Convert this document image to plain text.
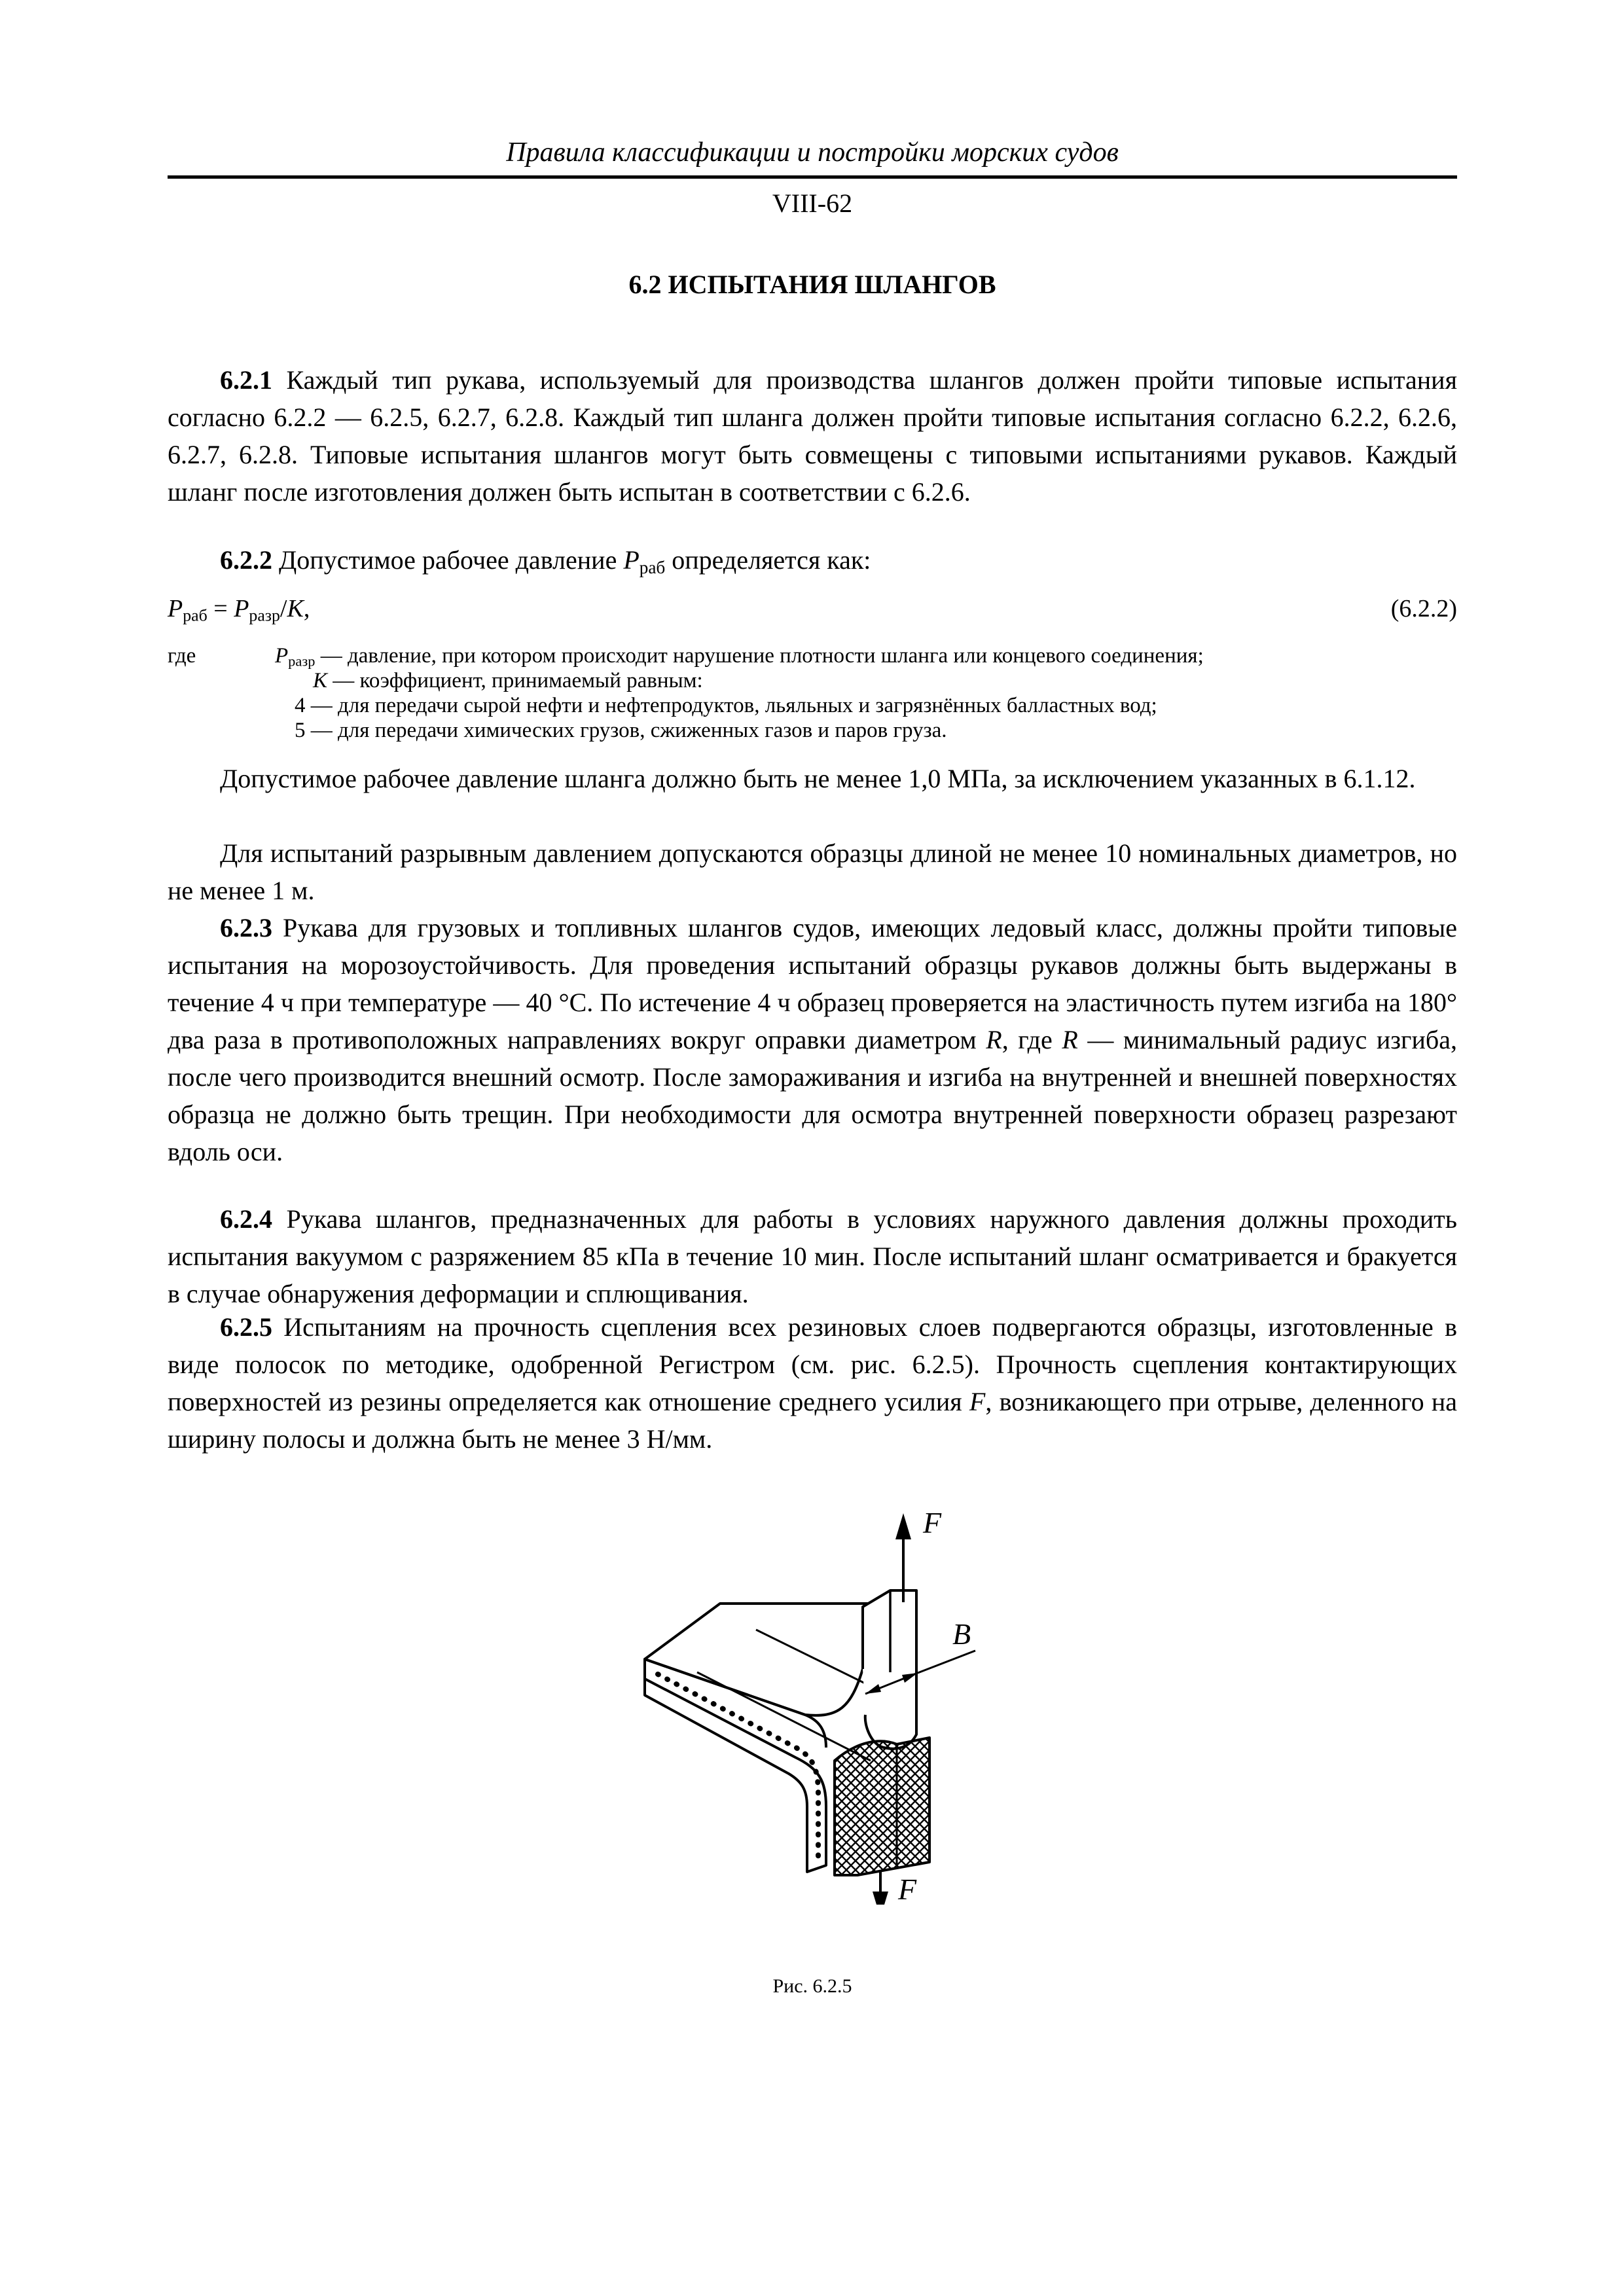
Правила классификации и постройки морских судов
VIII-62
6.2 ИСПЫТАНИЯ ШЛАНГОВ

6.2.1 Каждый тип рукава, используемый для производства шлангов должен пройти типовые испытания согласно 6.2.2 — 6.2.5, 6.2.7, 6.2.8. Каждый тип шланга должен пройти типовые испытания согласно 6.2.2, 6.2.6, 6.2.7, 6.2.8. Типовые испытания шлангов могут быть совмещены с типовыми испытаниями рукавов. Каждый шланг после изготовления должен быть испытан в соответствии с 6.2.6.

6.2.2 Допустимое рабочее давление $P_{раб}$ определяется как:

$P_{раб} = P_{разр}/K$,	(6.2.2)
где	$P_{разр}$ — давление, при котором происходит нарушение плотности шланга или концевого соединения;
K — коэффициент, принимаемый равным:
4 — для передачи сырой нефти и нефтепродуктов, льяльных и загрязнённых балластных вод;
5 — для передачи химических грузов, сжиженных газов и паров груза.

Допустимое рабочее давление шланга должно быть не менее 1,0 МПа, за исключением указанных в 6.1.12.

Для испытаний разрывным давлением допускаются образцы длиной не менее 10 номинальных диаметров, но не менее 1 м.

6.2.3 Рукава для грузовых и топливных шлангов судов, имеющих ледовый класс, должны пройти типовые испытания на морозоустойчивость. Для проведения испытаний образцы рукавов должны быть выдержаны в течение 4 ч при температуре — 40 °С. По истечение 4 ч образец проверяется на эластичность путем изгиба на 180° два раза в противоположных направлениях вокруг оправки диаметром R, где R — минимальный радиус изгиба, после чего производится внешний осмотр. После замораживания и изгиба на внутренней и внешней поверхностях образца не должно быть трещин. При необходимости для осмотра внутренней поверхности образец разрезают вдоль оси.

6.2.4 Рукава шлангов, предназначенных для работы в условиях наружного давления должны проходить испытания вакуумом с разряжением 85 кПа в течение 10 мин. После испытаний шланг осматривается и бракуется в случае обнаружения деформации и сплющивания.

6.2.5 Испытаниям на прочность сцепления всех резиновых слоев подвергаются образцы, изготовленные в виде полосок по методике, одобренной Регистром (см. рис. 6.2.5). Прочность сцепления контактирующих поверхностей из резины определяется как отношение среднего усилия F, возникающего при отрыве, деленного на ширину полосы и должна быть не менее 3 Н/мм.

B
F
F
Рис. 6.2.5
